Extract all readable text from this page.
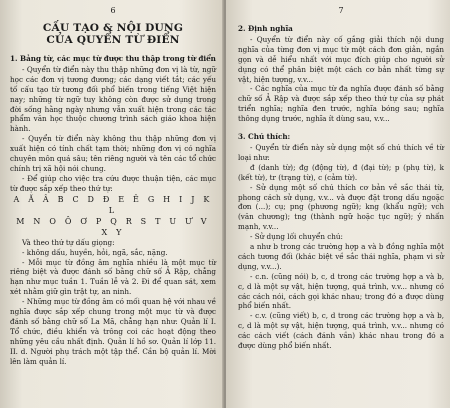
6
CẤU TẠO & NỘI DUNG
CỦA QUYỂN TỪ ĐIỂN
1. Bảng từ, các mục từ được thu thập trong từ điển

- Quyển từ điển này thu thập những đơn vị là từ, ngữ học các đơn vị tương đương; các dạng viết tắt; các yếu tố cấu tạo từ tương đối phổ biến trong tiếng Việt hiện nay; những từ ngữ tuy không còn được sử dụng trong đời sống hằng ngày nhưng vẫn xuất hiện trong các tác phẩm văn học thuộc chương trình sách giáo khoa hiện hành.

- Quyển từ điển này không thu thập những đơn vị xuất hiện có tính chất tạm thời; những đơn vị có nghĩa chuyên môn quá sâu; tên riêng người và tên các tổ chức chính trị xã hội nói chung.

- Để giúp cho việc tra cứu được thuận tiện, các mục từ được sắp xếp theo thứ tự:

A Ă Â B C D Đ E Ê G H I J K L
M N O Ô Ơ P Q R S T U Ư V X Y

Và theo thứ tự dấu giọng:

- không dấu, huyền, hỏi, ngã, sắc, nặng.

- Mỗi mục từ đồng âm nghĩa nhiều là một mục từ riêng biệt và được đánh số bằng chữ số Ả Rập, chẳng hạn như mục tuần 1. Tuần lễ và 2. Đi để quan sát, xem xét nhằm giữ gìn trật tự, an ninh.

- Những mục từ đồng âm có mối quan hệ với nhau về nghĩa được sắp xếp chung trong một mục từ và được đánh số bằng chữ số La Mã, chẳng hạn như: Quản lí I. Tổ chức, điều khiển và trông coi các hoạt động theo những yêu cầu nhất định. Quản lí hồ sơ. Quản lí lớp 11. II. d. Người phụ trách một tập thể. Cần bộ quản lí. Mời lên làm quản lí.

7
2. Định nghĩa

- Quyển từ điển này cố gắng giải thích nội dung nghĩa của từng đơn vị mục từ một cách đơn giản, ngắn gọn và dễ hiểu nhất với mục đích giúp cho người sử dụng có thể phân biệt một cách cơ bản nhất từng sự vật, hiện tượng, v.v...

- Các nghĩa của mục từ đa nghĩa được đánh số bằng chữ số Ả Rập và được sắp xếp theo thứ tự của sự phát triển nghĩa; nghĩa đen trước, nghĩa bóng sau; nghĩa thông dụng trước, nghĩa ít dùng sau, v.v...

3. Chú thích:

- Quyển từ điển này sử dụng một số chú thích về từ loại như:

đ (danh từ); đg (động từ), đ (đại từ); p (phụ từ), k (kết từ), tr (trạng từ), c (cảm từ).

- Sử dụng một số chú thích cơ bản về sắc thái từ, phong cách sử dụng, v.v... và được đặt trong dấu ngoặc đơn (...); cụ; png (phương ngữ); kng (khẩu ngữ); vch (văn chương); tng (thành ngữ hoặc tục ngữ); ý nhấn mạnh, v.v...

- Sử dụng lối chuyển chú:

a như b trong các trường hợp a và b đồng nghĩa một cách tương đối (khác biệt về sắc thái nghĩa, phạm vi sử dụng, v.v...).

- c.n. (cũng nói) b, c, d trong các trường hợp a và b, c, d là một sự vật, hiện tượng, quá trình, v.v... nhưng có các cách nói, cách gọi khác nhau; trong đó a được dùng phổ biến nhất.

- c.v. (cũng viết) b, c, d trong các trường hợp a và b, c, d là một sự vật, hiện tượng, quá trình, v.v... nhưng có các cách viết (cách đánh vần) khác nhau trong đó a được dùng phổ biến nhất.
